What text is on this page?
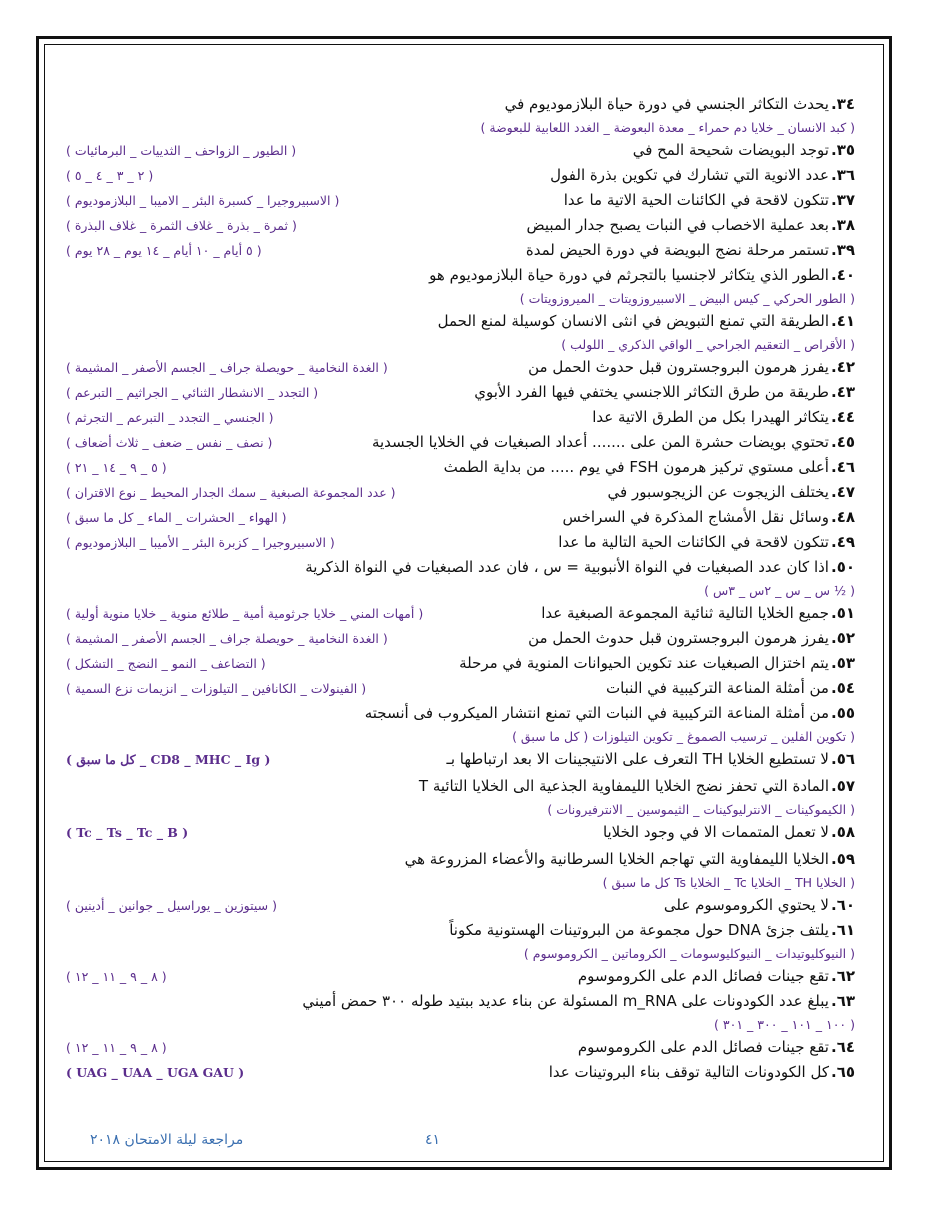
٣٤.يحدث التكاثر الجنسي في دورة حياة البلازموديوم في
( كبد الانسان _ خلايا دم حمراء _ معدة البعوضة _ الغدد اللعابية للبعوضة )
٣٥.توجد البويضات شحيحة المح في
( الطيور _ الزواحف _ الثدييات _ البرمائيات )
٣٦.عدد الانوية التي تشارك في تكوين بذرة الفول
( ٢ _ ٣ _ ٤ _ ٥ )
٣٧.تتكون لاقحة في الكائنات الحية الاتية ما عدا
( الاسبيروجيرا _ كسبرة البئر _ الاميبا _ البلازموديوم )
٣٨.بعد عملية الاخصاب في النبات يصبح جدار المبيض
( ثمرة _ بذرة _ غلاف الثمرة _ غلاف البذرة )
٣٩.تستمر مرحلة نضج البويضة في دورة الحيض لمدة
( ٥ أيام _ ١٠ أيام _ ١٤ يوم _ ٢٨ يوم )
٤٠.الطور الذي يتكاثر لاجنسيا بالتجرثم في دورة حياة البلازموديوم هو
( الطور الحركي _ كيس البيض _ الاسبيروزويتات _ الميروزويتات )
٤١.الطريقة التي تمنع التبويض في انثى الانسان كوسيلة لمنع الحمل
( الأقراص _ التعقيم الجراحي _ الواقي الذكري _ اللولب )
٤٢.يفرز هرمون البروجسترون قبل حدوث الحمل من
( الغدة النخامية _ حويصلة جراف _ الجسم الأصفر _ المشيمة )
٤٣.طريقة من طرق التكاثر اللاجنسي يختفي فيها الفرد الأبوي
( التجدد _ الانشطار الثنائي _ الجراثيم _ التبرعم )
٤٤.يتكاثر الهيدرا بكل من الطرق الاتية عدا
( الجنسي _ التجدد _ التبرعم _ التجرثم )
٤٥.تحتوي بويضات حشرة المن على ....... أعداد الصبغيات في الخلايا الجسدية
( نصف _ نفس _ ضعف _ ثلاث أضعاف )
٤٦.أعلى مستوي تركيز هرمون FSH في يوم ..... من بداية الطمث
( ٥ _ ٩ _ ١٤ _ ٢١ )
٤٧.يختلف الزيجوت عن الزيجوسبور في
( عدد المجموعة الصبغية _ سمك الجدار المحيط _ نوع الاقتران )
٤٨.وسائل نقل الأمشاج المذكرة في السراخس
( الهواء _ الحشرات _ الماء _ كل ما سبق )
٤٩.تتكون لاقحة في الكائنات الحية التالية ما عدا
( الاسبيروجيرا _ كزبرة البئر _ الأميبا _ البلازموديوم )
٥٠.اذا كان عدد الصبغيات في النواة الأنبوبية = س ، فان عدد الصبغيات في النواة الذكرية
( ½ س _ س _ ٢س _ ٣س )
٥١.جميع الخلايا التالية ثنائية المجموعة الصبغية عدا
( أمهات المني _ خلايا جرثومية أمية _ طلائع منوية _ خلايا منوية أولية )
٥٢.يفرز هرمون البروجسترون قبل حدوث الحمل من
( الغدة النخامية _ حويصلة جراف _ الجسم الأصفر _ المشيمة )
٥٣.يتم اختزال الصبغيات عند تكوين الحيوانات المنوية في مرحلة
( التضاعف _ النمو _ النضج _ التشكل )
٥٤.من أمثلة المناعة التركيبية في النبات
( الفينولات _ الكانافين _ التيلوزات _ انزيمات نزع السمية )
٥٥.من أمثلة المناعة التركيبية في النبات التي تمنع انتشار الميكروب فى أنسجته
( تكوين الفلين _ ترسيب الصموغ _ تكوين التيلوزات ( كل ما سبق )
٥٦.لا تستطيع الخلايا TH التعرف على الانتيجينات الا بعد ارتباطها بـ
( CD8 _ MHC _ Ig _ كل ما سبق )
٥٧.المادة التي تحفز نضج الخلايا الليمفاوية الجذعية الى الخلايا التائية T
( الكيموكينات _ الانترليوكينات _ الثيموسين _ الانترفيرونات )
٥٨.لا تعمل المتممات الا في وجود الخلايا
( Tc _ Ts _ Tc _ B )
٥٩.الخلايا الليمفاوية التي تهاجم الخلايا السرطانية والأعضاء المزروعة هي
( الخلايا TH _ الخلايا Tc _ الخلايا Ts كل ما سبق )
٦٠.لا يحتوي الكروموسوم على
( سيتوزين _ يوراسيل _ جوانين _ أدينين )
٦١.يلتف جزئ DNA حول مجموعة من البروتينات الهستونية مكوناً
( النيوكليوتيدات _ النيوكليوسومات _ الكروماتين _ الكروموسوم )
٦٢.تقع جينات فصائل الدم على الكروموسوم
( ٨ _ ٩ _ ١١ _ ١٢ )
٦٣.يبلغ عدد الكودونات على m_RNA المسئولة عن بناء عديد ببتيد طوله ٣٠٠ حمض أميني
( ١٠٠ _ ١٠١ _ ٣٠٠ _ ٣٠١ )
٦٤.تقع جينات فصائل الدم على الكروموسوم
( ٨ _ ٩ _ ١١ _ ١٢ )
٦٥.كل الكودونات التالية توقف بناء البروتينات عدا
( UAG _ UAA _ UGA GAU )
مراجعة ليلة الامتحان ٢٠١٨	٤١
